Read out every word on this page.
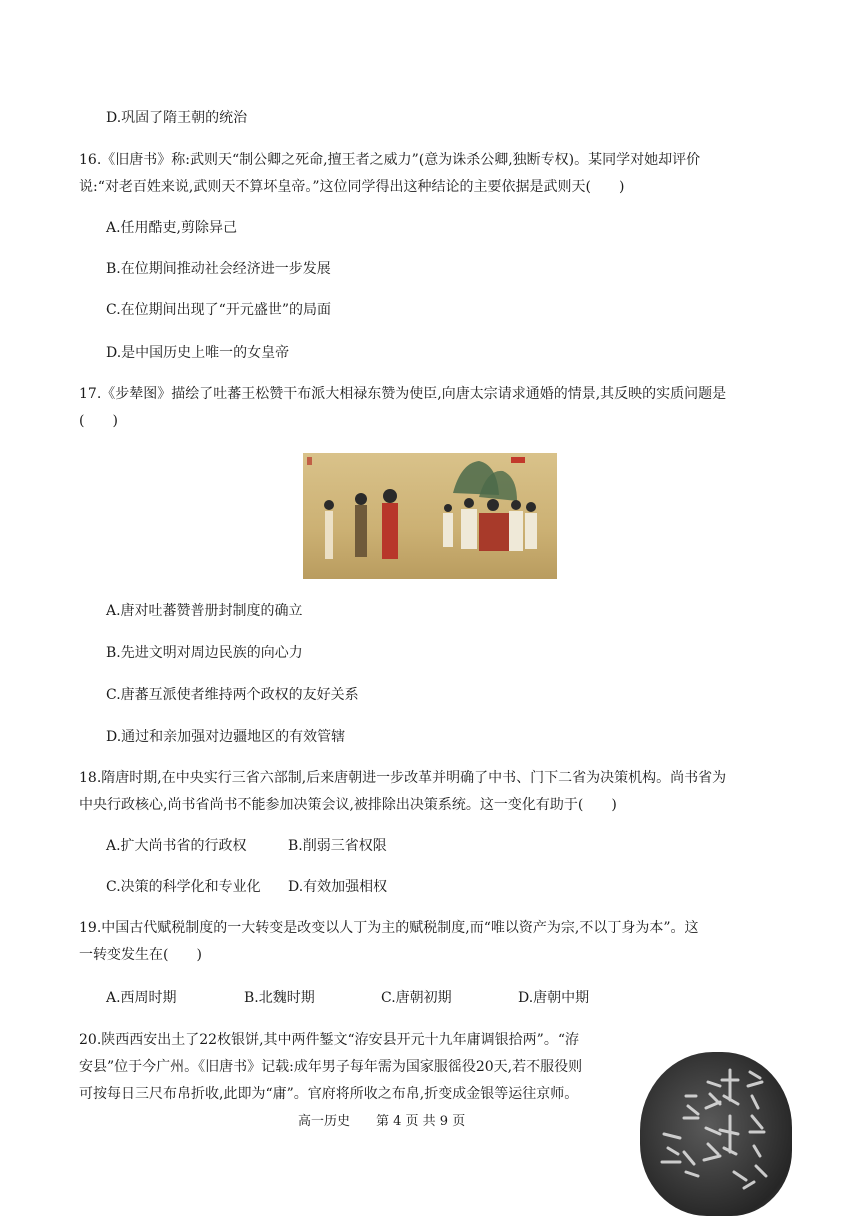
D.巩固了隋王朝的统治
16.《旧唐书》称:武则天“制公卿之死命,擅王者之威力”(意为诛杀公卿,独断专权)。某同学对她却评价
说:“对老百姓来说,武则天不算坏皇帝。”这位同学得出这种结论的主要依据是武则天(　　)
A.任用酷吏,剪除异己
B.在位期间推动社会经济进一步发展
C.在位期间出现了“开元盛世”的局面
D.是中国历史上唯一的女皇帝
17.《步辇图》描绘了吐蕃王松赞干布派大相禄东赞为使臣,向唐太宗请求通婚的情景,其反映的实质问题是
(　　)
A.唐对吐蕃赞普册封制度的确立
B.先进文明对周边民族的向心力
C.唐蕃互派使者维持两个政权的友好关系
D.通过和亲加强对边疆地区的有效管辖
18.隋唐时期,在中央实行三省六部制,后来唐朝进一步改革并明确了中书、门下二省为决策机构。尚书省为
中央行政核心,尚书省尚书不能参加决策会议,被排除出决策系统。这一变化有助于(　　)
A.扩大尚书省的行政权	B.削弱三省权限
C.决策的科学化和专业化 D.有效加强相权
19.中国古代赋税制度的一大转变是改变以人丁为主的赋税制度,而“唯以资产为宗,不以丁身为本”。这
一转变发生在(　　)
A.西周时期	B.北魏时期	C.唐朝初期	D.唐朝中期
20.陕西西安出土了22枚银饼,其中两件錾文“洊安县开元十九年庸调银拾两”。“洊
安县”位于今广州。《旧唐书》记载:成年男子每年需为国家服徭役20天,若不服役则
可按每日三尺布帛折收,此即为“庸”。官府将所收之布帛,折变成金银等运往京师。
高一历史　　第 4 页 共 9 页
